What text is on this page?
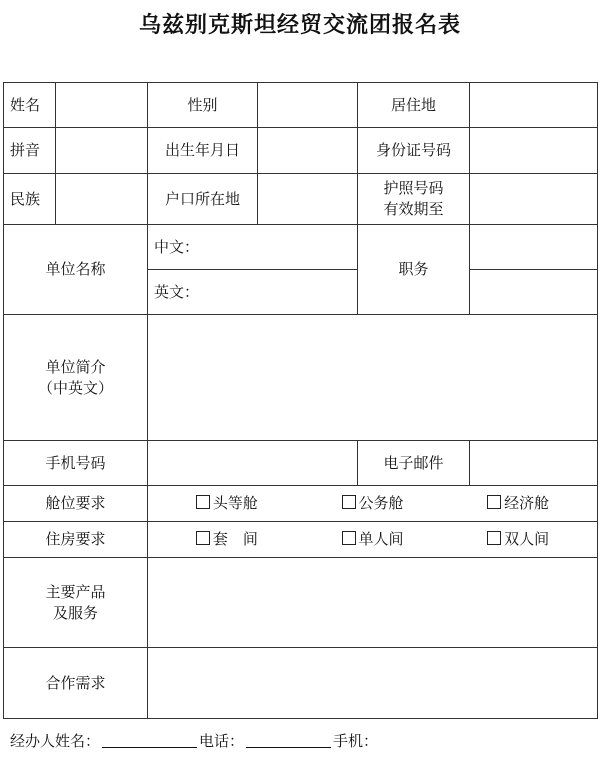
乌兹别克斯坦经贸交流团报名表
姓名		性别		居住地	
拼音		出生年月日		身份证号码	
民族		户口所在地		护照号码
有效期至	

单位名称		中文：		职务	
		英文：			

单位简介
（中英文）					

手机号码				电子邮件	
舱位要求		头等舱 公务舱 经济舱			

住房要求		套　间 单人间 双人间			

主要产品
及服务					

合作需求					
经办人姓名：	电话：	手机：
